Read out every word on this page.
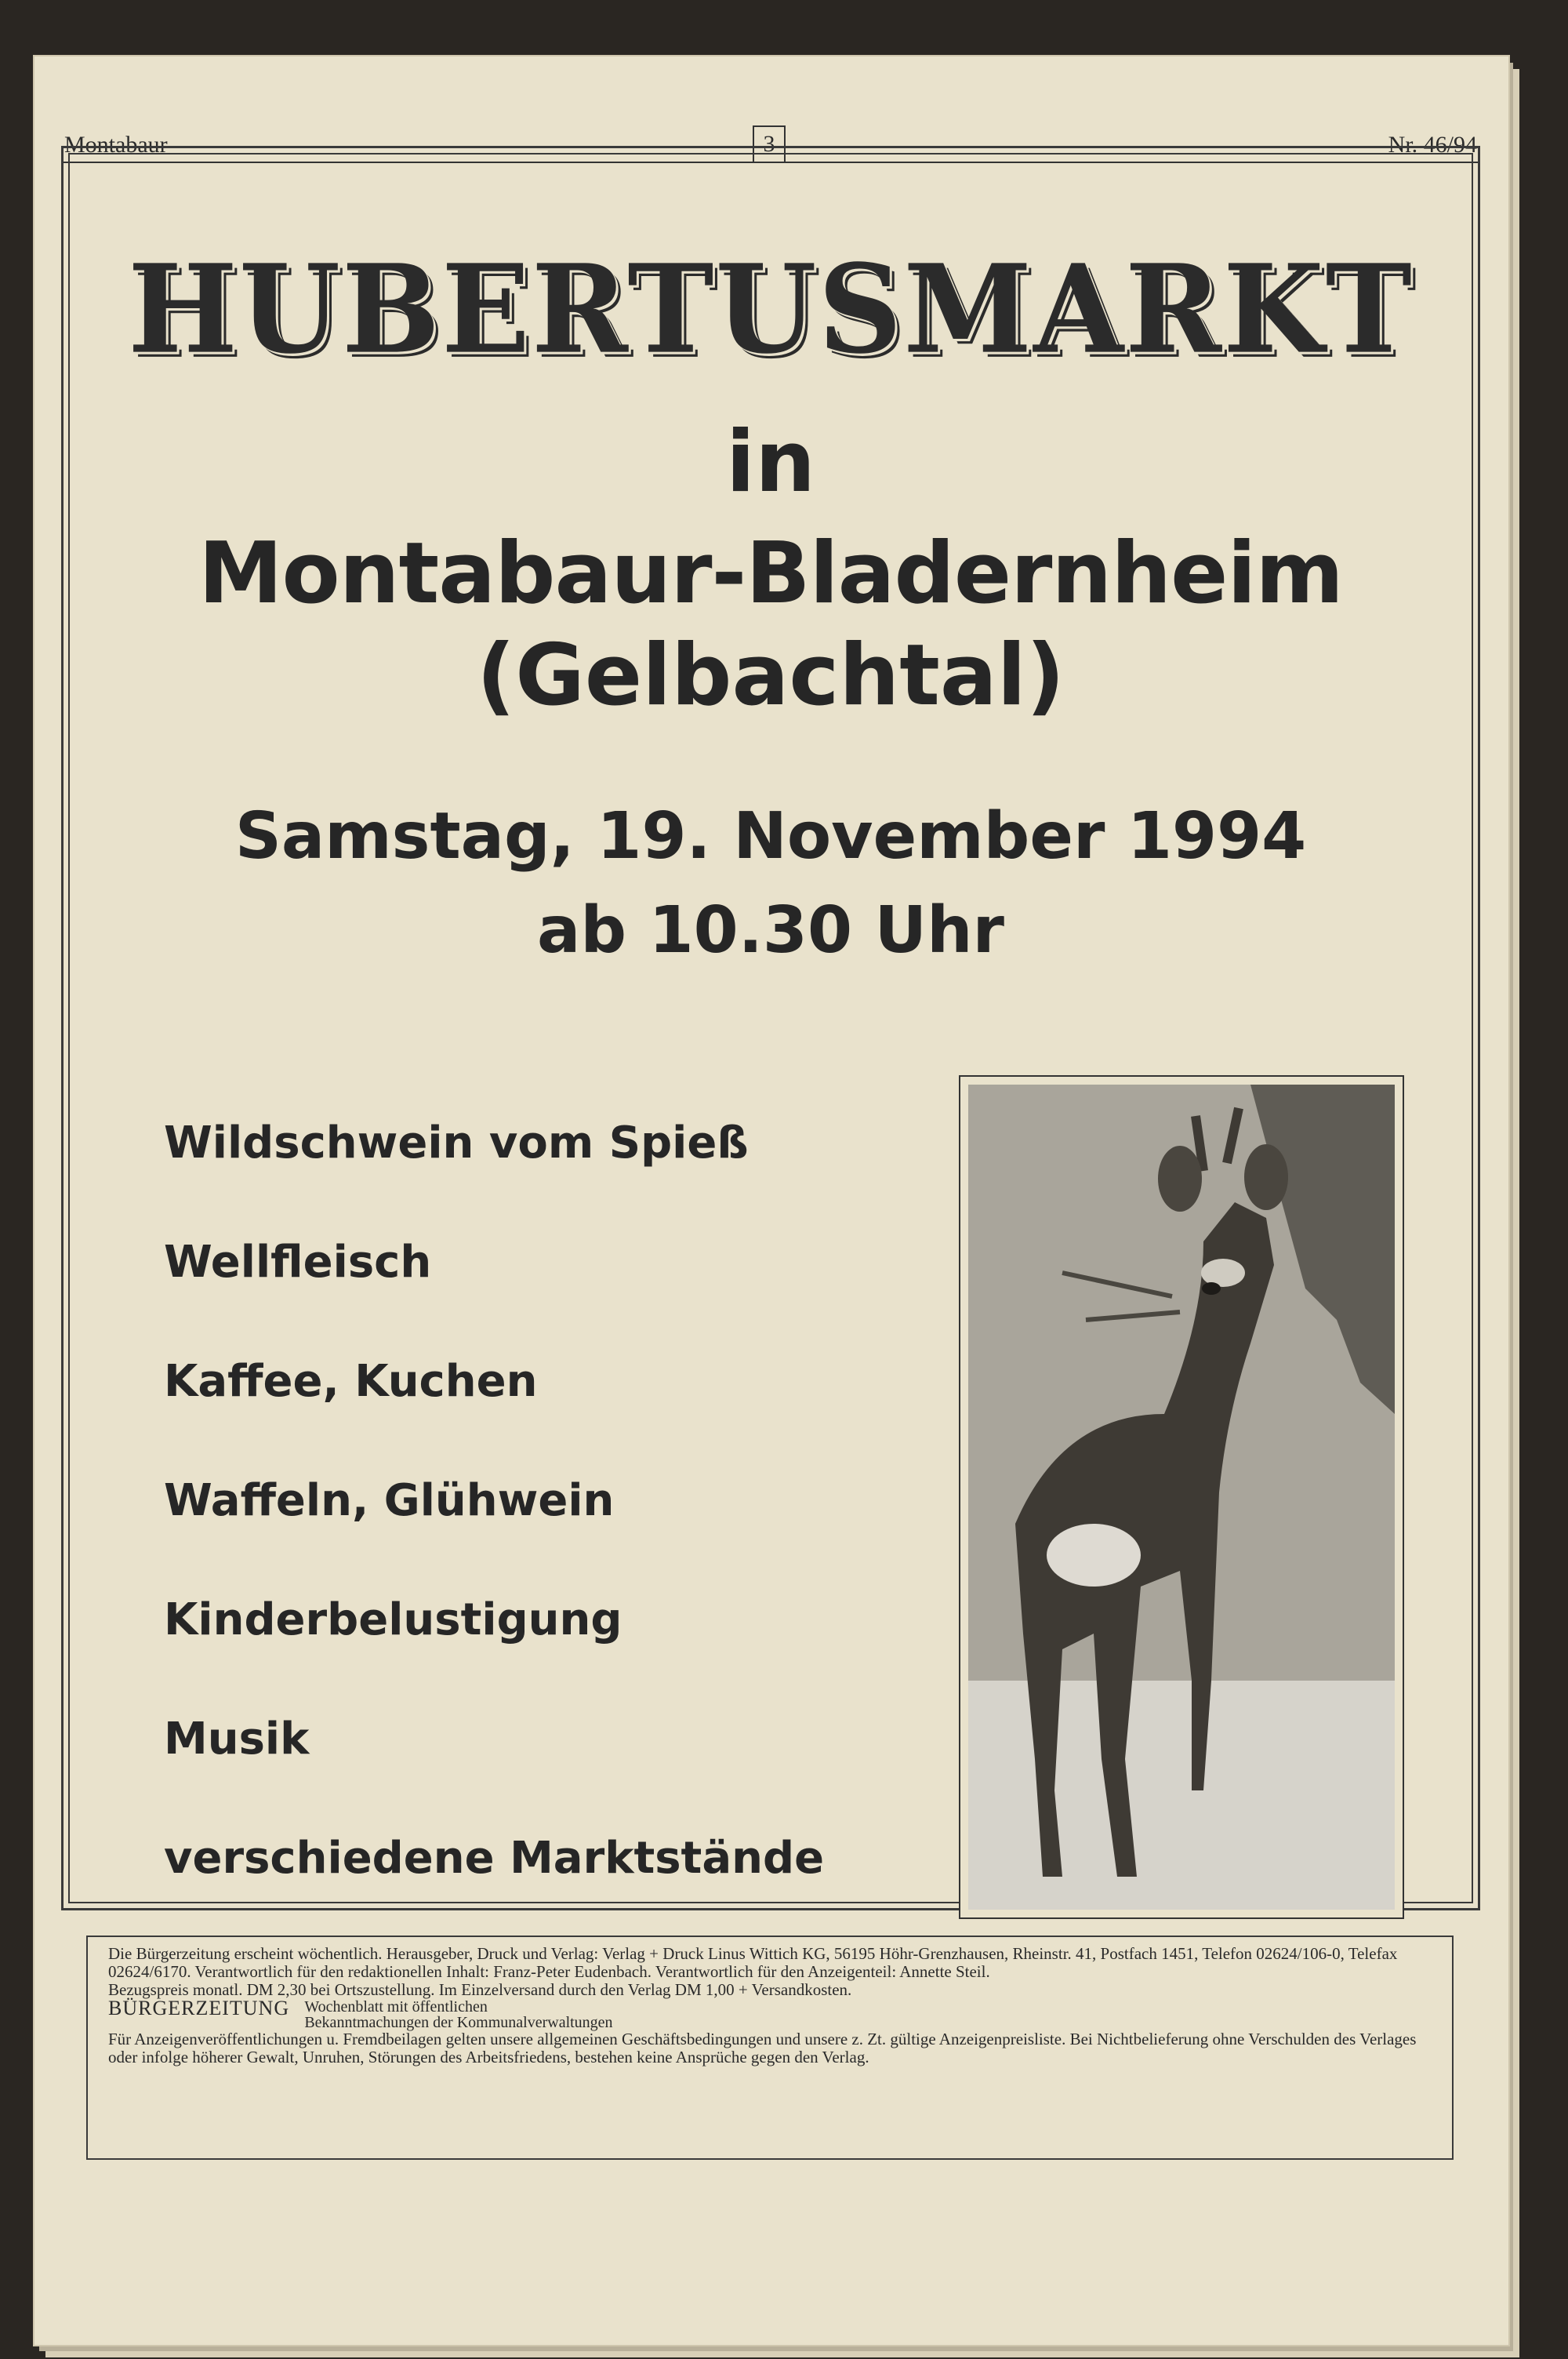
Montabaur	3	Nr. 46/94
HUBERTUSMARKT
in
Montabaur-Bladernheim
(Gelbachtal)
Samstag, 19. November 1994
ab 10.30 Uhr
Wildschwein vom Spieß
Wellfleisch
Kaffee, Kuchen
Waffeln, Glühwein
Kinderbelustigung
Musik
verschiedene Marktstände

Die Bürgerzeitung erscheint wöchentlich. Herausgeber, Druck und Verlag: Verlag + Druck Linus Wittich KG, 56195 Höhr-Grenzhausen, Rheinstr. 41, Postfach 1451, Telefon 02624/106-0, Telefax 02624/6170. Verantwortlich für den redaktionellen Inhalt: Franz-Peter Eudenbach. Verantwortlich für den Anzeigenteil: Annette Steil.

Bezugspreis monatl. DM 2,30 bei Ortszustellung. Im Einzelversand durch den Verlag DM 1,00 + Versandkosten.

BÜRGERZEITUNG Wochenblatt mit öffentlichen
Bekanntmachungen der Kommunalverwaltungen

Für Anzeigenveröffentlichungen u. Fremdbeilagen gelten unsere allgemeinen Geschäftsbedingungen und unsere z. Zt. gültige Anzeigenpreisliste. Bei Nichtbelieferung ohne Verschulden des Verlages oder infolge höherer Gewalt, Unruhen, Störungen des Arbeitsfriedens, bestehen keine Ansprüche gegen den Verlag.
